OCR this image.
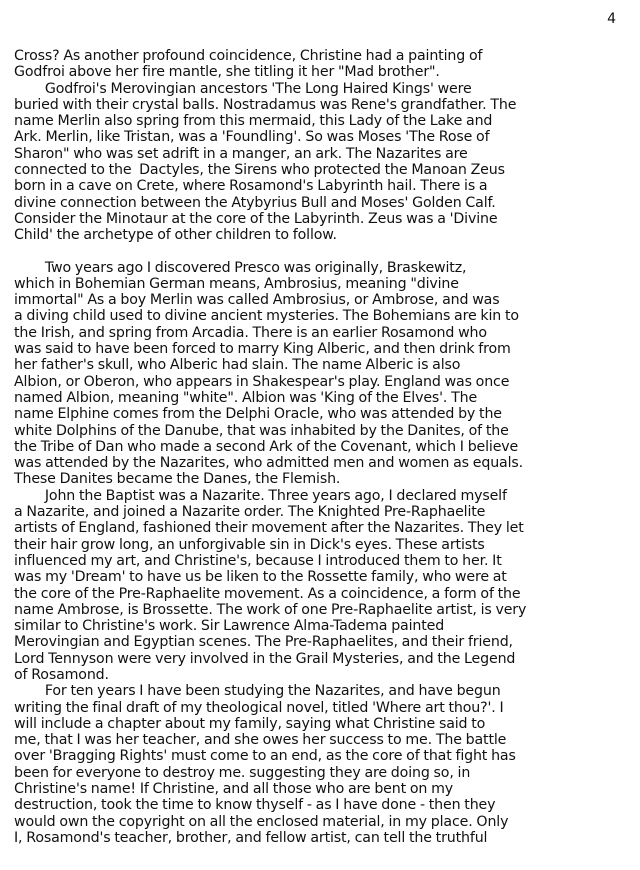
4
Cross? As another profound coincidence, Christine had a painting of
Godfroi above her fire mantle, she titling it her "Mad brother".
Godfroi's Merovingian ancestors 'The Long Haired Kings' were
buried with their crystal balls. Nostradamus was Rene's grandfather. The
name Merlin also spring from this mermaid, this Lady of the Lake and
Ark. Merlin, like Tristan, was a 'Foundling'. So was Moses 'The Rose of
Sharon" who was set adrift in a manger, an ark. The Nazarites are
connected to the  Dactyles, the Sirens who protected the Manoan Zeus
born in a cave on Crete, where Rosamond's Labyrinth hail. There is a
divine connection between the Atybyrius Bull and Moses' Golden Calf.
Consider the Minotaur at the core of the Labyrinth. Zeus was a 'Divine
Child' the archetype of other children to follow.
Two years ago I discovered Presco was originally, Braskewitz,
which in Bohemian German means, Ambrosius, meaning "divine
immortal" As a boy Merlin was called Ambrosius, or Ambrose, and was
a diving child used to divine ancient mysteries. The Bohemians are kin to
the Irish, and spring from Arcadia. There is an earlier Rosamond who
was said to have been forced to marry King Alberic, and then drink from
her father's skull, who Alberic had slain. The name Alberic is also
Albion, or Oberon, who appears in Shakespear's play. England was once
named Albion, meaning "white". Albion was 'King of the Elves'. The
name Elphine comes from the Delphi Oracle, who was attended by the
white Dolphins of the Danube, that was inhabited by the Danites, of the
the Tribe of Dan who made a second Ark of the Covenant, which I believe
was attended by the Nazarites, who admitted men and women as equals.
These Danites became the Danes, the Flemish.
John the Baptist was a Nazarite. Three years ago, I declared myself
a Nazarite, and joined a Nazarite order. The Knighted Pre-Raphaelite
artists of England, fashioned their movement after the Nazarites. They let
their hair grow long, an unforgivable sin in Dick's eyes. These artists
influenced my art, and Christine's, because I introduced them to her. It
was my 'Dream' to have us be liken to the Rossette family, who were at
the core of the Pre-Raphaelite movement. As a coincidence, a form of the
name Ambrose, is Brossette. The work of one Pre-Raphaelite artist, is very
similar to Christine's work. Sir Lawrence Alma-Tadema painted
Merovingian and Egyptian scenes. The Pre-Raphaelites, and their friend,
Lord Tennyson were very involved in the Grail Mysteries, and the Legend
of Rosamond.
For ten years I have been studying the Nazarites, and have begun
writing the final draft of my theological novel, titled 'Where art thou?'. I
will include a chapter about my family, saying what Christine said to
me, that I was her teacher, and she owes her success to me. The battle
over 'Bragging Rights' must come to an end, as the core of that fight has
been for everyone to destroy me. suggesting they are doing so, in
Christine's name! If Christine, and all those who are bent on my
destruction, took the time to know thyself - as I have done - then they
would own the copyright on all the enclosed material, in my place. Only
I, Rosamond's teacher, brother, and fellow artist, can tell the truthful
